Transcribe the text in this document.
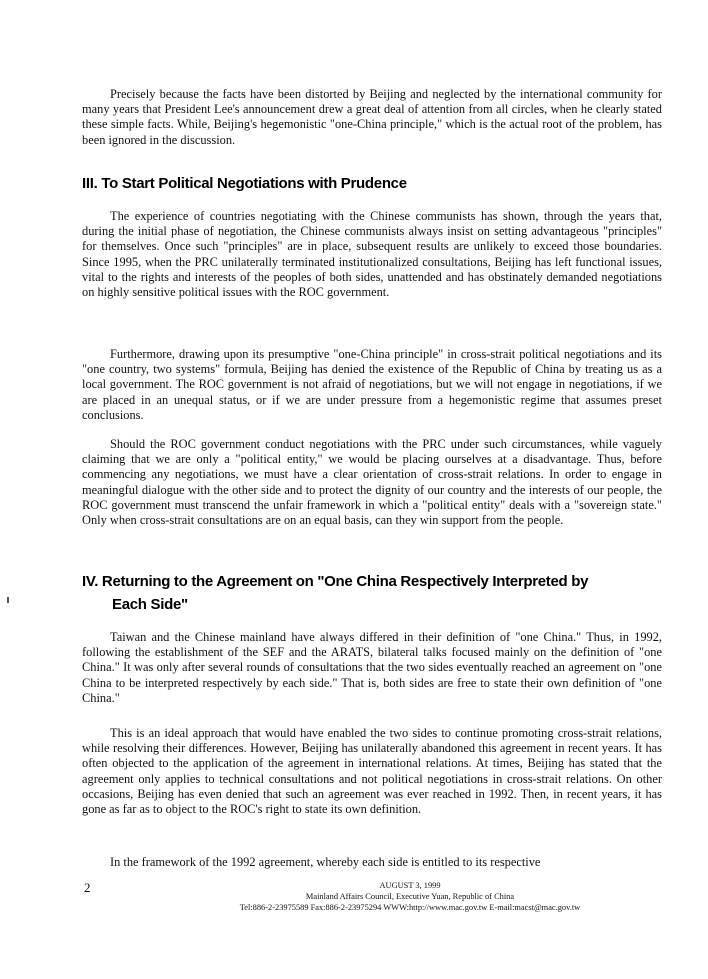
Precisely because the facts have been distorted by Beijing and neglected by the international community for many years that President Lee's announcement drew a great deal of attention from all circles, when he clearly stated these simple facts. While, Beijing's hegemonistic "one-China principle," which is the actual root of the problem, has been ignored in the discussion.

III. To Start Political Negotiations with Prudence

The experience of countries negotiating with the Chinese communists has shown, through the years that, during the initial phase of negotiation, the Chinese communists always insist on setting advantageous "principles" for themselves. Once such "principles" are in place, subsequent results are unlikely to exceed those boundaries. Since 1995, when the PRC unilaterally terminated institutionalized consultations, Beijing has left functional issues, vital to the rights and interests of the peoples of both sides, unattended and has obstinately demanded negotiations on highly sensitive political issues with the ROC government.

Furthermore, drawing upon its presumptive "one-China principle" in cross-strait political negotiations and its "one country, two systems" formula, Beijing has denied the existence of the Republic of China by treating us as a local government. The ROC government is not afraid of negotiations, but we will not engage in negotiations, if we are placed in an unequal status, or if we are under pressure from a hegemonistic regime that assumes preset conclusions.

Should the ROC government conduct negotiations with the PRC under such circumstances, while vaguely claiming that we are only a "political entity," we would be placing ourselves at a disadvantage. Thus, before commencing any negotiations, we must have a clear orientation of cross-strait relations. In order to engage in meaningful dialogue with the other side and to protect the dignity of our country and the interests of our people, the ROC government must transcend the unfair framework in which a "political entity" deals with a "sovereign state." Only when cross-strait consultations are on an equal basis, can they win support from the people.

IV. Returning to the Agreement on "One China Respectively Interpreted by
Each Side"

Taiwan and the Chinese mainland have always differed in their definition of "one China." Thus, in 1992, following the establishment of the SEF and the ARATS, bilateral talks focused mainly on the definition of "one China." It was only after several rounds of consultations that the two sides eventually reached an agreement on "one China to be interpreted respectively by each side." That is, both sides are free to state their own definition of "one China."

This is an ideal approach that would have enabled the two sides to continue promoting cross-strait relations, while resolving their differences. However, Beijing has unilaterally abandoned this agreement in recent years. It has often objected to the application of the agreement in international relations. At times, Beijing has stated that the agreement only applies to technical consultations and not political negotiations in cross-strait relations. On other occasions, Beijing has even denied that such an agreement was ever reached in 1992. Then, in recent years, it has gone as far as to object to the ROC's right to state its own definition.

In the framework of the 1992 agreement, whereby each side is entitled to its respective

2	AUGUST 3, 1999
Mainland Affairs Council, Executive Yuan, Republic of China
Tel:886-2-23975589 Fax:886-2-23975294 WWW:http://www.mac.gov.tw E-mail:macst@mac.gov.tw
